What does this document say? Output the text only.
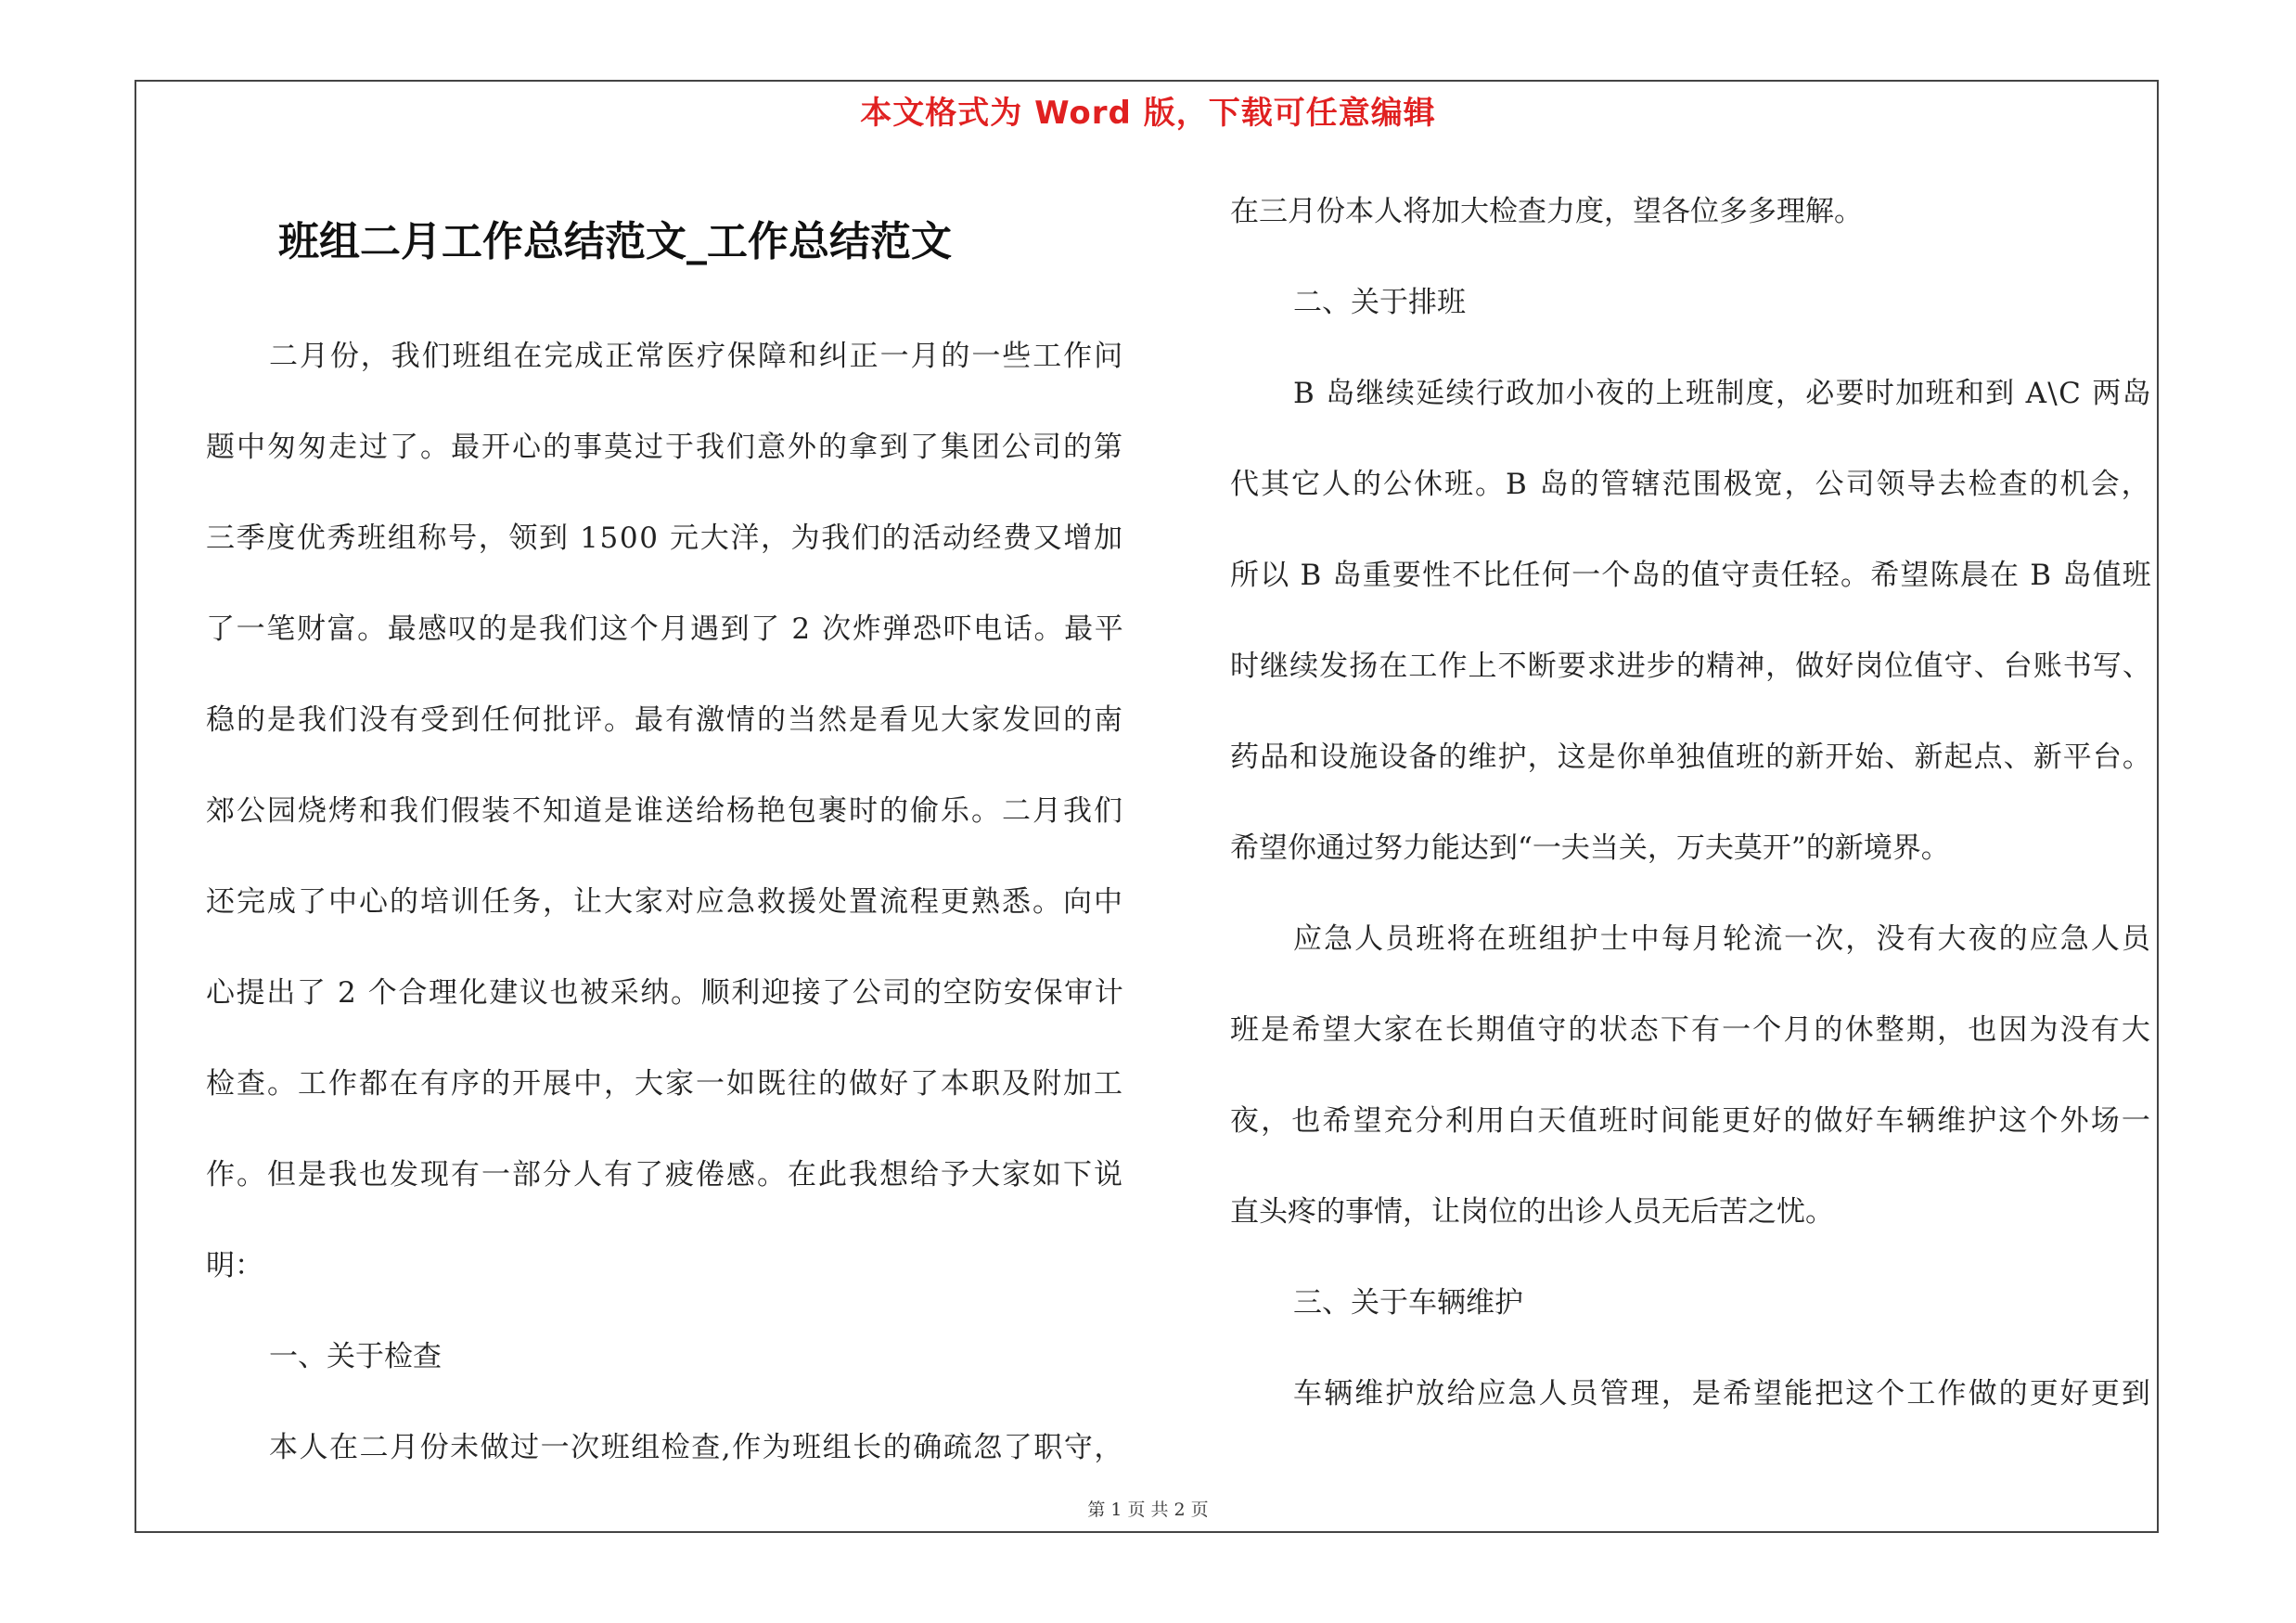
本文格式为 Word 版，下载可任意编辑
班组二月工作总结范文_工作总结范文
二月份，我们班组在完成正常医疗保障和纠正一月的一些工作问
题中匆匆走过了。最开心的事莫过于我们意外的拿到了集团公司的第
三季度优秀班组称号，领到 1500 元大洋，为我们的活动经费又增加
了一笔财富。最感叹的是我们这个月遇到了 2 次炸弹恐吓电话。最平
稳的是我们没有受到任何批评。最有激情的当然是看见大家发回的南
郊公园烧烤和我们假装不知道是谁送给杨艳包裹时的偷乐。二月我们
还完成了中心的培训任务，让大家对应急救援处置流程更熟悉。向中
心提出了 2 个合理化建议也被采纳。顺利迎接了公司的空防安保审计
检查。工作都在有序的开展中，大家一如既往的做好了本职及附加工
作。但是我也发现有一部分人有了疲倦感。在此我想给予大家如下说
明：
一、关于检查
本人在二月份未做过一次班组检查,作为班组长的确疏忽了职守，
在三月份本人将加大检查力度，望各位多多理解。
二、关于排班
B 岛继续延续行政加小夜的上班制度，必要时加班和到 A\C 两岛
代其它人的公休班。B 岛的管辖范围极宽，公司领导去检查的机会，
所以 B 岛重要性不比任何一个岛的值守责任轻。希望陈晨在 B 岛值班
时继续发扬在工作上不断要求进步的精神，做好岗位值守、台账书写、
药品和设施设备的维护，这是你单独值班的新开始、新起点、新平台。
希望你通过努力能达到“一夫当关，万夫莫开”的新境界。
应急人员班将在班组护士中每月轮流一次，没有大夜的应急人员
班是希望大家在长期值守的状态下有一个月的休整期，也因为没有大
夜，也希望充分利用白天值班时间能更好的做好车辆维护这个外场一
直头疼的事情，让岗位的出诊人员无后苦之忧。
三、关于车辆维护
车辆维护放给应急人员管理，是希望能把这个工作做的更好更到
第 1 页 共 2 页
